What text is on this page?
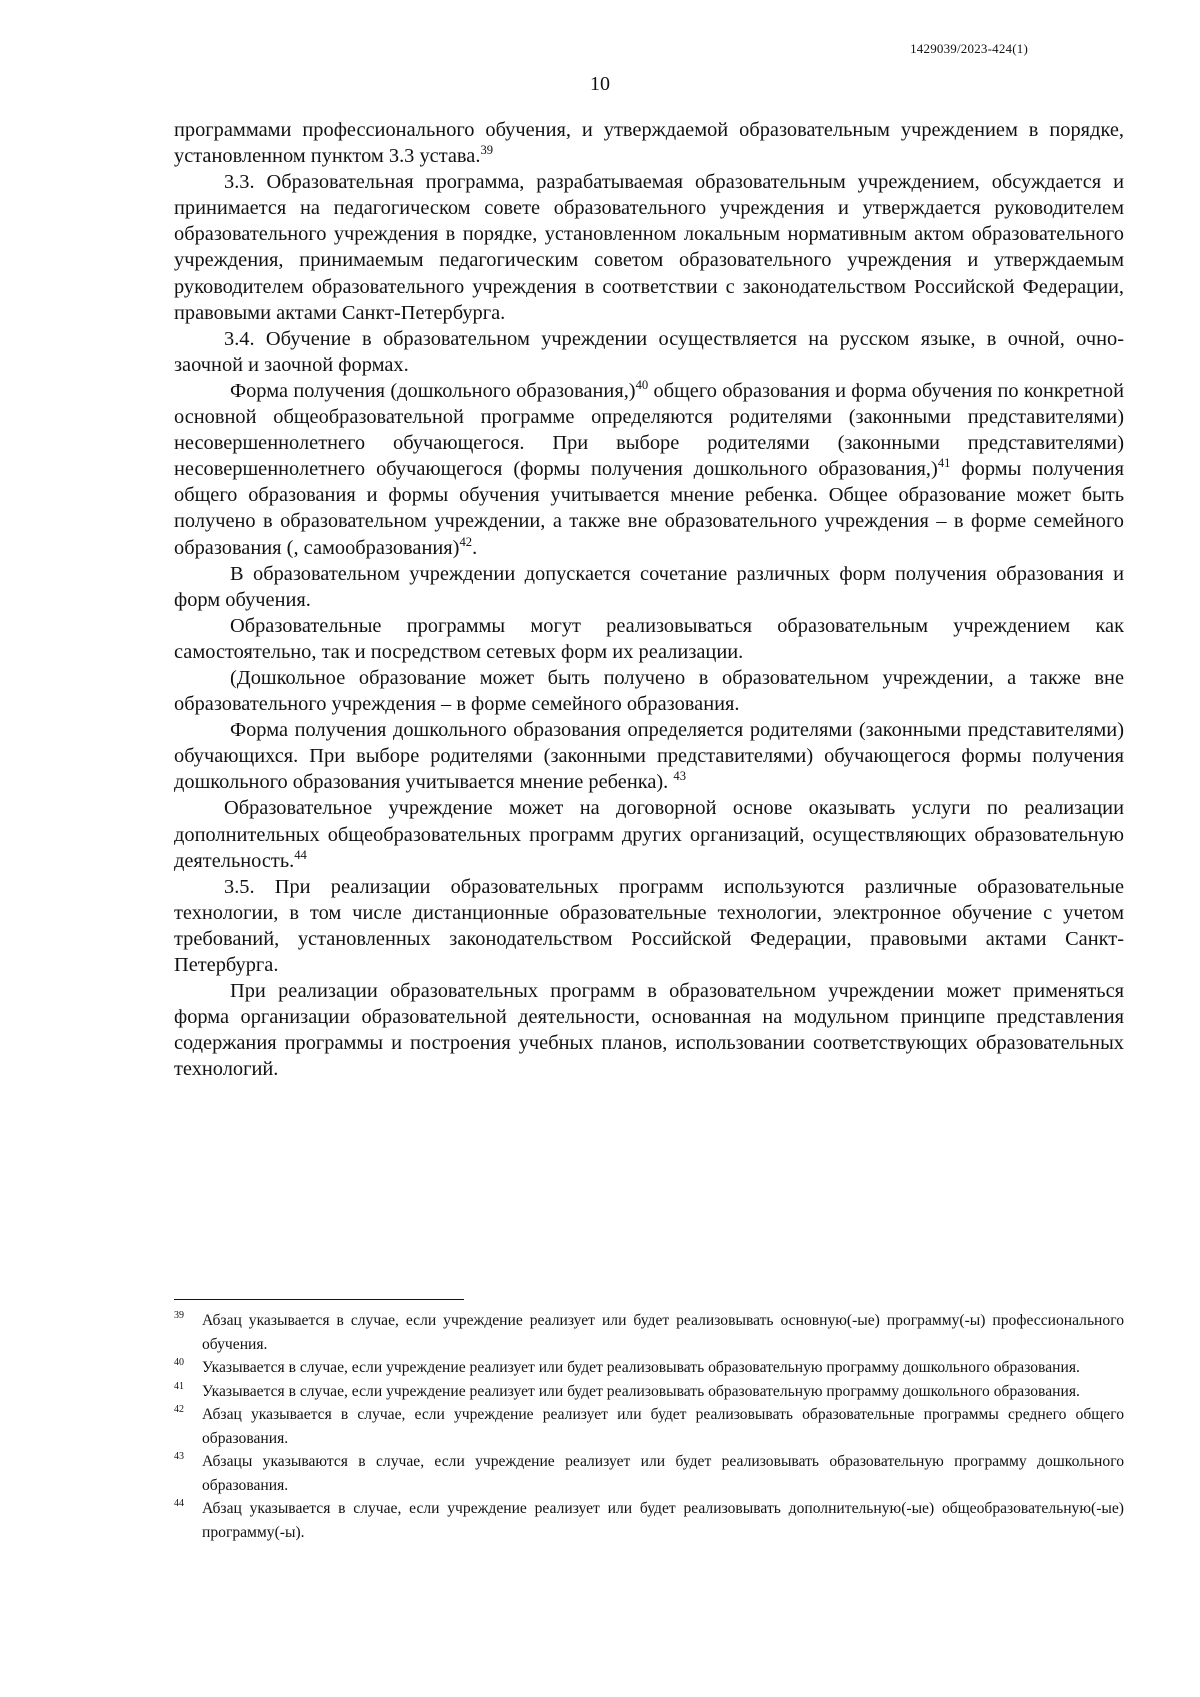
1429039/2023-424(1)
10

программами профессионального обучения, и утверждаемой образовательным учреждением в порядке, установленном пунктом 3.3 устава.$^{39}$

3.3. Образовательная программа, разрабатываемая образовательным учреждением, обсуждается и принимается на педагогическом совете образовательного учреждения и утверждается руководителем образовательного учреждения в порядке, установленном локальным нормативным актом образовательного учреждения, принимаемым педагогическим советом образовательного учреждения и утверждаемым руководителем образовательного учреждения в соответствии с законодательством Российской Федерации, правовыми актами Санкт-Петербурга.

3.4. Обучение в образовательном учреждении осуществляется на русском языке, в очной, очно-заочной и заочной формах.

Форма получения (дошкольного образования,)$^{40}$ общего образования и форма обучения по конкретной основной общеобразовательной программе определяются родителями (законными представителями) несовершеннолетнего обучающегося. При выборе родителями (законными представителями) несовершеннолетнего обучающегося (формы получения дошкольного образования,)$^{41}$ формы получения общего образования и формы обучения учитывается мнение ребенка. Общее образование может быть получено в образовательном учреждении, а также вне образовательного учреждения – в форме семейного образования (, самообразования)$^{42}$.

В образовательном учреждении допускается сочетание различных форм получения образования и форм обучения.

Образовательные программы могут реализовываться образовательным учреждением как самостоятельно, так и посредством сетевых форм их реализации.

(Дошкольное образование может быть получено в образовательном учреждении, а также вне образовательного учреждения – в форме семейного образования.

Форма получения дошкольного образования определяется родителями (законными представителями) обучающихся. При выборе родителями (законными представителями) обучающегося формы получения дошкольного образования учитывается мнение ребенка). $^{43}$

Образовательное учреждение может на договорной основе оказывать услуги по реализации дополнительных общеобразовательных программ других организаций, осуществляющих образовательную деятельность.$^{44}$

3.5. При реализации образовательных программ используются различные образовательные технологии, в том числе дистанционные образовательные технологии, электронное обучение с учетом требований, установленных законодательством Российской Федерации, правовыми актами Санкт-Петербурга.

При реализации образовательных программ в образовательном учреждении может применяться форма организации образовательной деятельности, основанная на модульном принципе представления содержания программы и построения учебных планов, использовании соответствующих образовательных технологий.

39 Абзац указывается в случае, если учреждение реализует или будет реализовывать основную(-ые) программу(-ы) профессионального обучения.
40 Указывается в случае, если учреждение реализует или будет реализовывать образовательную программу дошкольного образования.
41 Указывается в случае, если учреждение реализует или будет реализовывать образовательную программу дошкольного образования.
42 Абзац указывается в случае, если учреждение реализует или будет реализовывать образовательные программы среднего общего образования.
43 Абзацы указываются в случае, если учреждение реализует или будет реализовывать образовательную программу дошкольного образования.
44 Абзац указывается в случае, если учреждение реализует или будет реализовывать дополнительную(-ые) общеобразовательную(-ые) программу(-ы).
